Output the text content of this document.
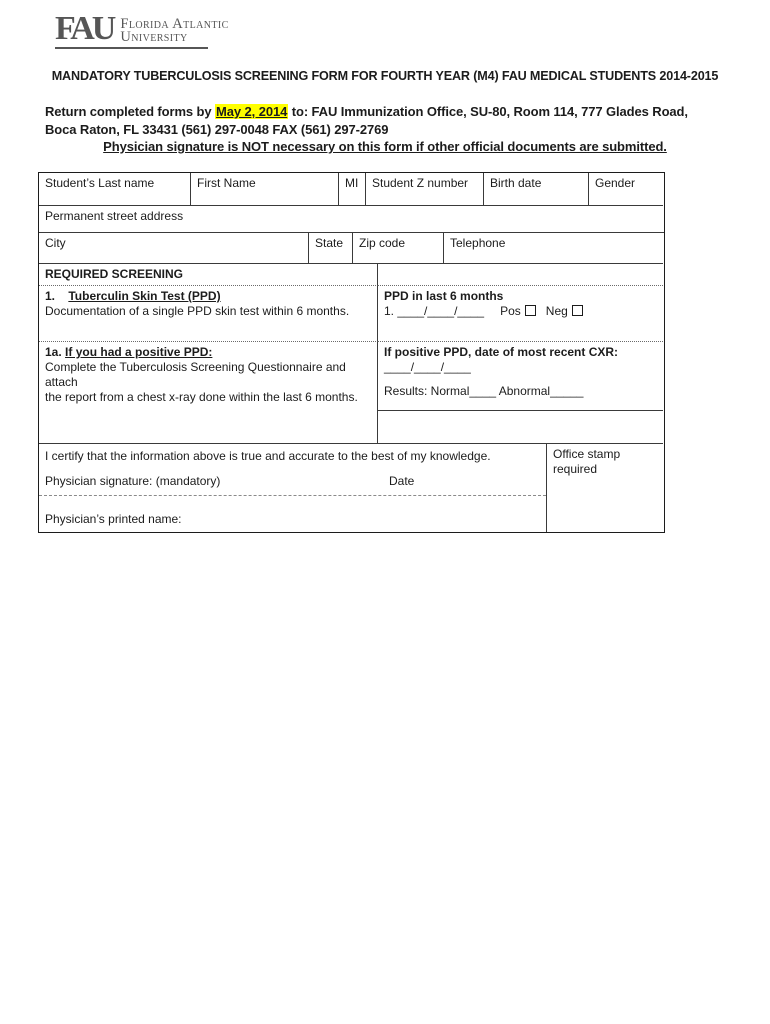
FAU Florida Atlantic
University
MANDATORY TUBERCULOSIS SCREENING FORM FOR FOURTH YEAR (M4) FAU MEDICAL STUDENTS 2014-2015

Return completed forms by May 2, 2014 to: FAU Immunization Office, SU-80, Room 114, 777 Glades Road, Boca Raton, FL 33431 (561) 297-0048 FAX (561) 297-2769

Physician signature is NOT necessary on this form if other official documents are submitted.
Student’s Last name	First Name	MI	Student Z number	Birth date	Gender
Permanent street address
City	State	Zip code	Telephone
REQUIRED SCREENING
1. Tuberculin Skin Test (PPD)
Documentation of a single PPD skin test within 6 months.
PPD in last 6 months
1. ____/____/____ Pos Neg
1a. If you had a positive PPD:
Complete the Tuberculosis Screening Questionnaire and attach
the report from a chest x-ray done within the last 6 months.
If positive PPD, date of most recent CXR:
____/____/____
Results: Normal____ Abnormal_____
I certify that the information above is true and accurate to the best of my knowledge.
Physician signature: (mandatory)	Date
Physician’s printed name:
Office stamp
required
